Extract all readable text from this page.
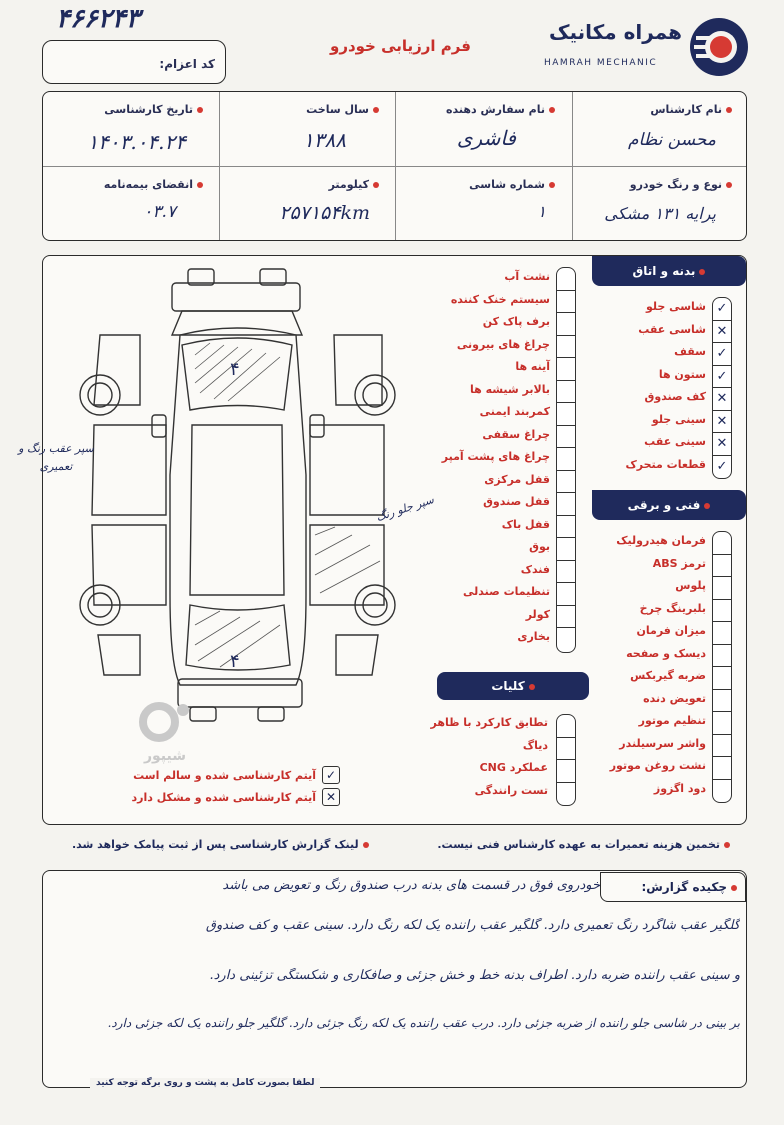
۴۶۶۲۴۳
کد اعزام:
فرم ارزیابی خودرو
همراه مکانیک
HAMRAH MECHANIC
نام کارشناس
نام سفارش دهنده
سال ساخت
تاریخ کارشناسی
محسن نظام
فاشری
۱۳۸۸
۱۴۰۳.۰۴.۲۴
نوع و رنگ خودرو
شماره شاسی
کیلومتر
انقضای بیمه‌نامه
پرایه ۱۳۱ مشکی
۱
۲۵۷۱۵۴km
۰۳.۷
۴
۴
سپر عقب رنگ و تعمیری
سپر جلو رنگ
شیپور
نشت آب
سیستم خنک کننده
برف پاک کن
چراغ های بیرونی
آینه ها
بالابر شیشه ها
کمربند ایمنی
چراغ سقفی
چراغ های پشت آمپر
قفل مرکزی
قفل صندوق
قفل باک
بوق
فندک
تنظیمات صندلی
کولر
بخاری
کلیات
تطابق کارکرد با ظاهر
دیاگ
عملکرد CNG
تست رانندگی
بدنه و اتاق
شاسی جلو
شاسی عقب
سقف
ستون ها
کف صندوق
سینی جلو
سینی عقب
قطعات متحرک
✓
✕
✓
✓
✕
✕
✕
✓
فنی و برقی
فرمان هیدرولیک
ترمز ABS
پلوس
بلبرینگ چرخ
میزان فرمان
دیسک و صفحه
ضربه گیربکس
تعویض دنده
تنظیم موتور
واشر سرسیلندر
نشت روغن موتور
دود اگزوز
✓
آیتم کارشناسی شده و سالم است
✕
آیتم کارشناسی شده و مشکل دارد
تخمین هزینه تعمیرات به عهده کارشناس فنی نیست.
لینک گزارش کارشناسی پس از ثبت پیامک خواهد شد.
چکیده گزارش:
خودروی فوق در قسمت های بدنه درب صندوق رنگ و تعویض می باشد
گلگیر عقب شاگرد رنگ تعمیری دارد. گلگیر عقب راننده یک لکه رنگ دارد. سینی عقب و کف صندوق
و سینی عقب راننده ضربه دارد. اطراف بدنه خط و خش جزئی و صافکاری و شکستگی تزئینی دارد.
بر بینی در شاسی جلو راننده از ضربه جزئی دارد. درب عقب راننده یک لکه رنگ جزئی دارد. گلگیر جلو راننده یک لکه جزئی دارد.
لطفا بصورت کامل به پشت و روی برگه توجه کنید
